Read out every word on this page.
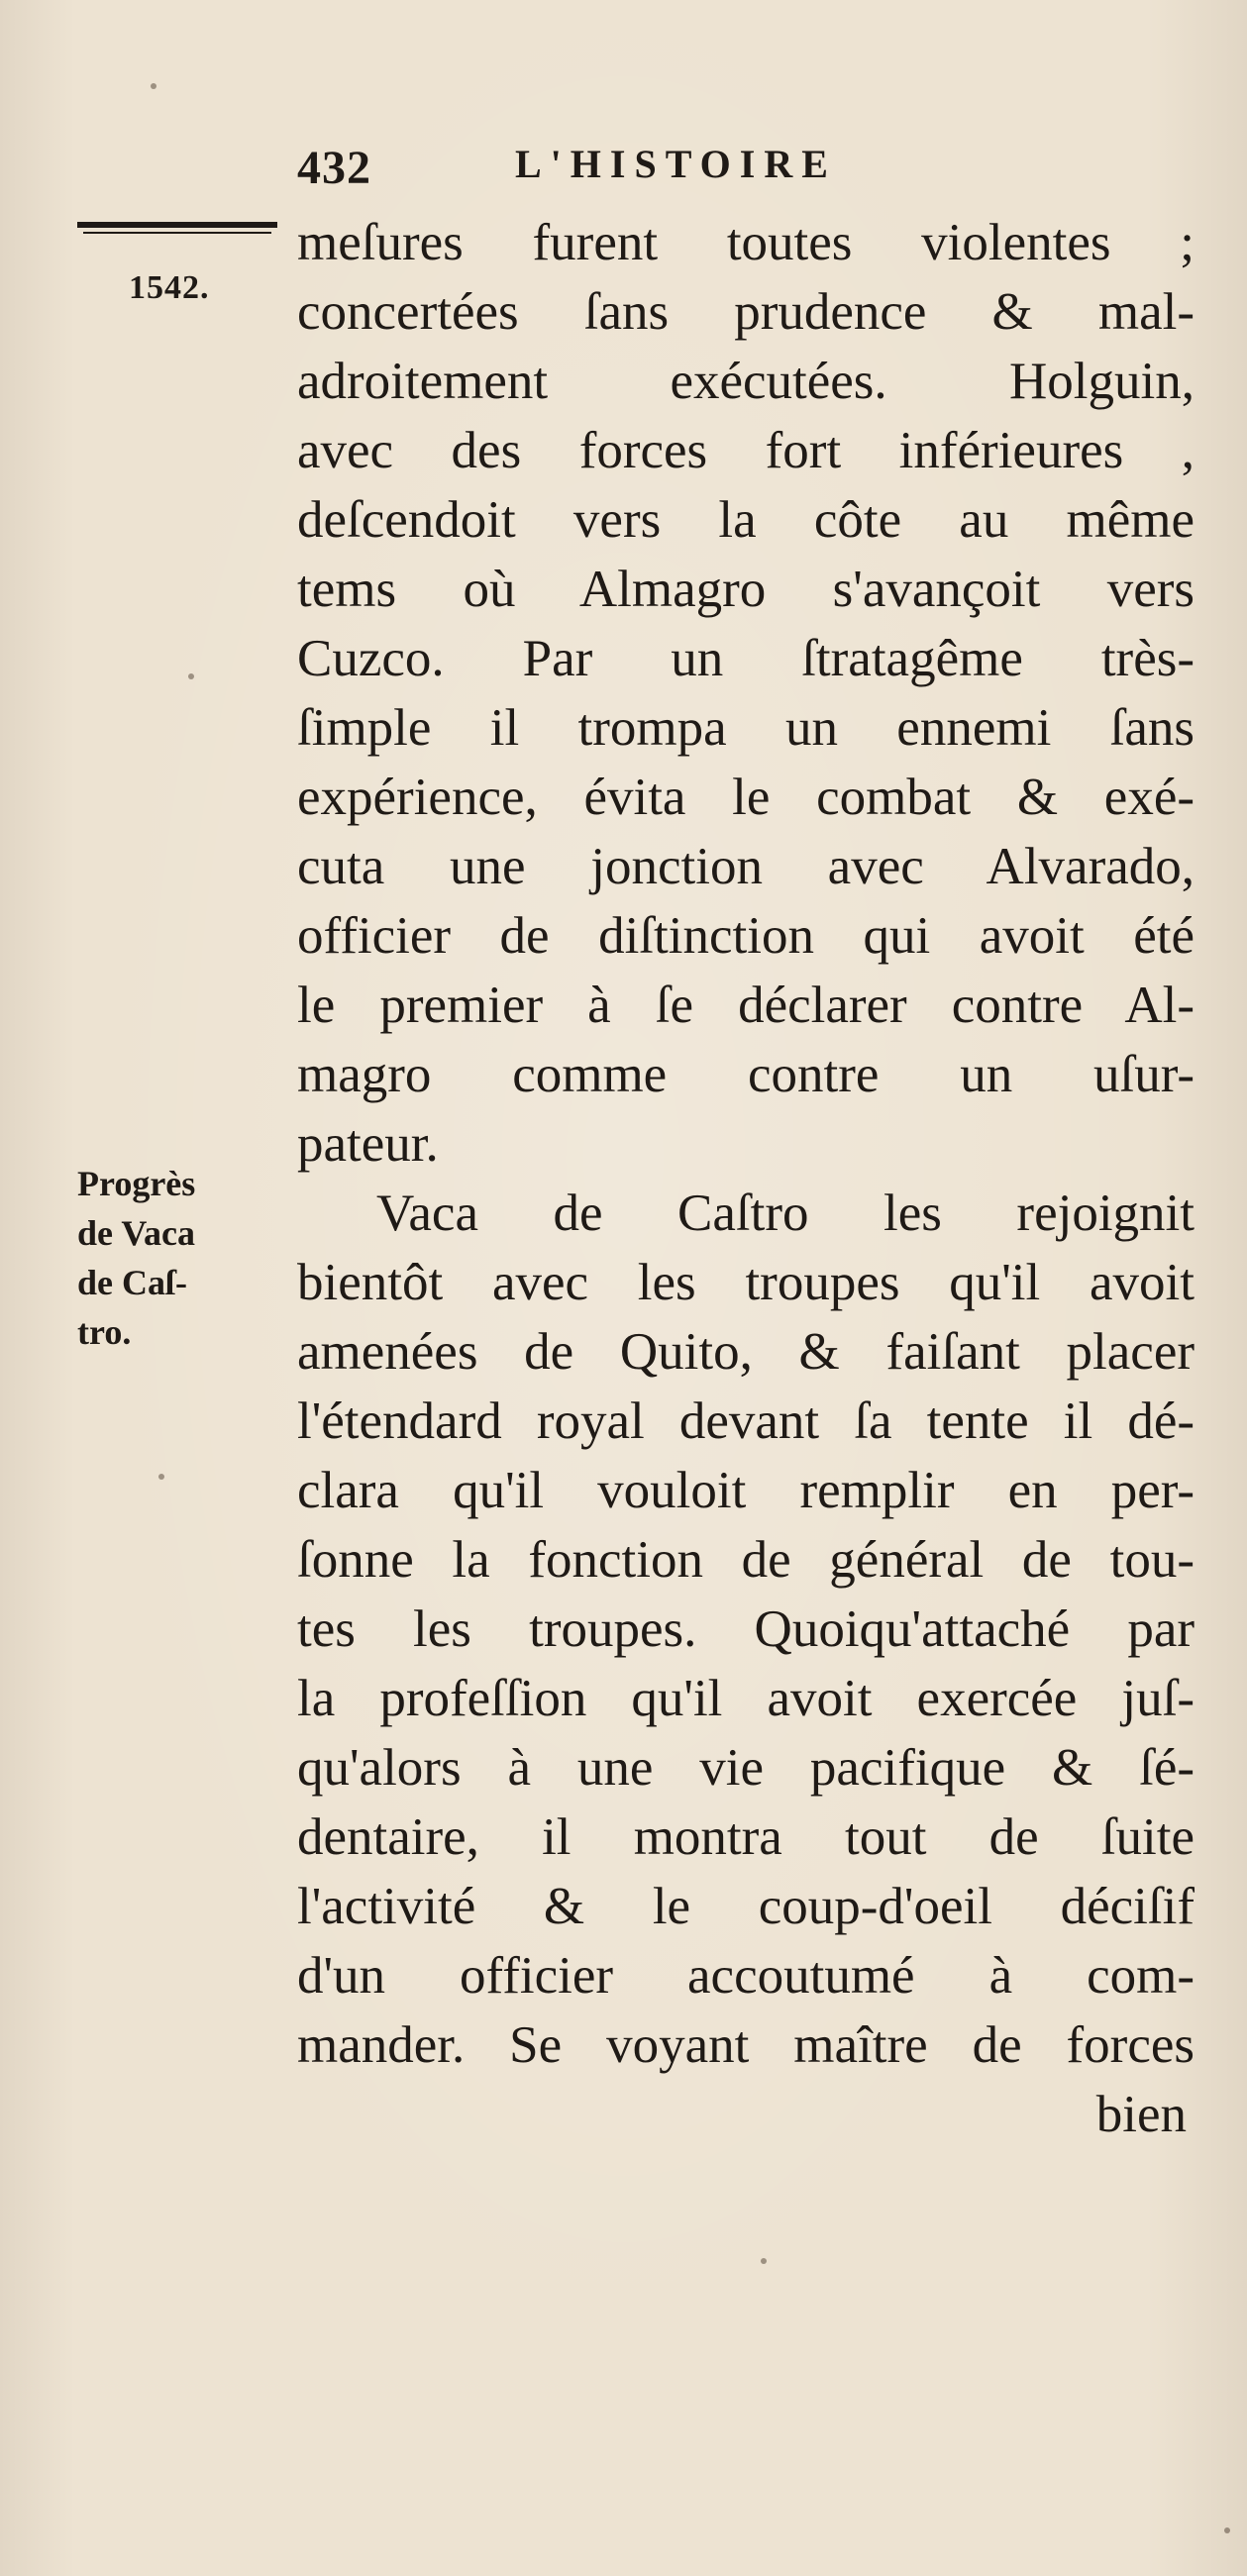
432	L'HISTOIRE
1542.
Progrès
de Vaca
de Caſ-
tro.
meſures furent toutes violentes ;
concertées ſans prudence & mal-
adroitement exécutées. Holguin,
avec des forces fort inférieures ,
deſcendoit vers la côte au même
tems où Almagro s'avançoit vers
Cuzco. Par un ſtratagême très-
ſimple il trompa un ennemi ſans
expérience, évita le combat & exé-
cuta une jonction avec Alvarado,
officier de diſtinction qui avoit été
le premier à ſe déclarer contre Al-
magro comme contre un uſur-
pateur.
Vaca de Caſtro les rejoignit
bientôt avec les troupes qu'il avoit
amenées de Quito, & faiſant placer
l'étendard royal devant ſa tente il dé-
clara qu'il vouloit remplir en per-
ſonne la fonction de général de tou-
tes les troupes. Quoiqu'attaché par
la profeſſion qu'il avoit exercée juſ-
qu'alors à une vie pacifique & ſé-
dentaire, il montra tout de ſuite
l'activité & le coup-d'oeil déciſif
d'un officier accoutumé à com-
mander. Se voyant maître de forces
bien
